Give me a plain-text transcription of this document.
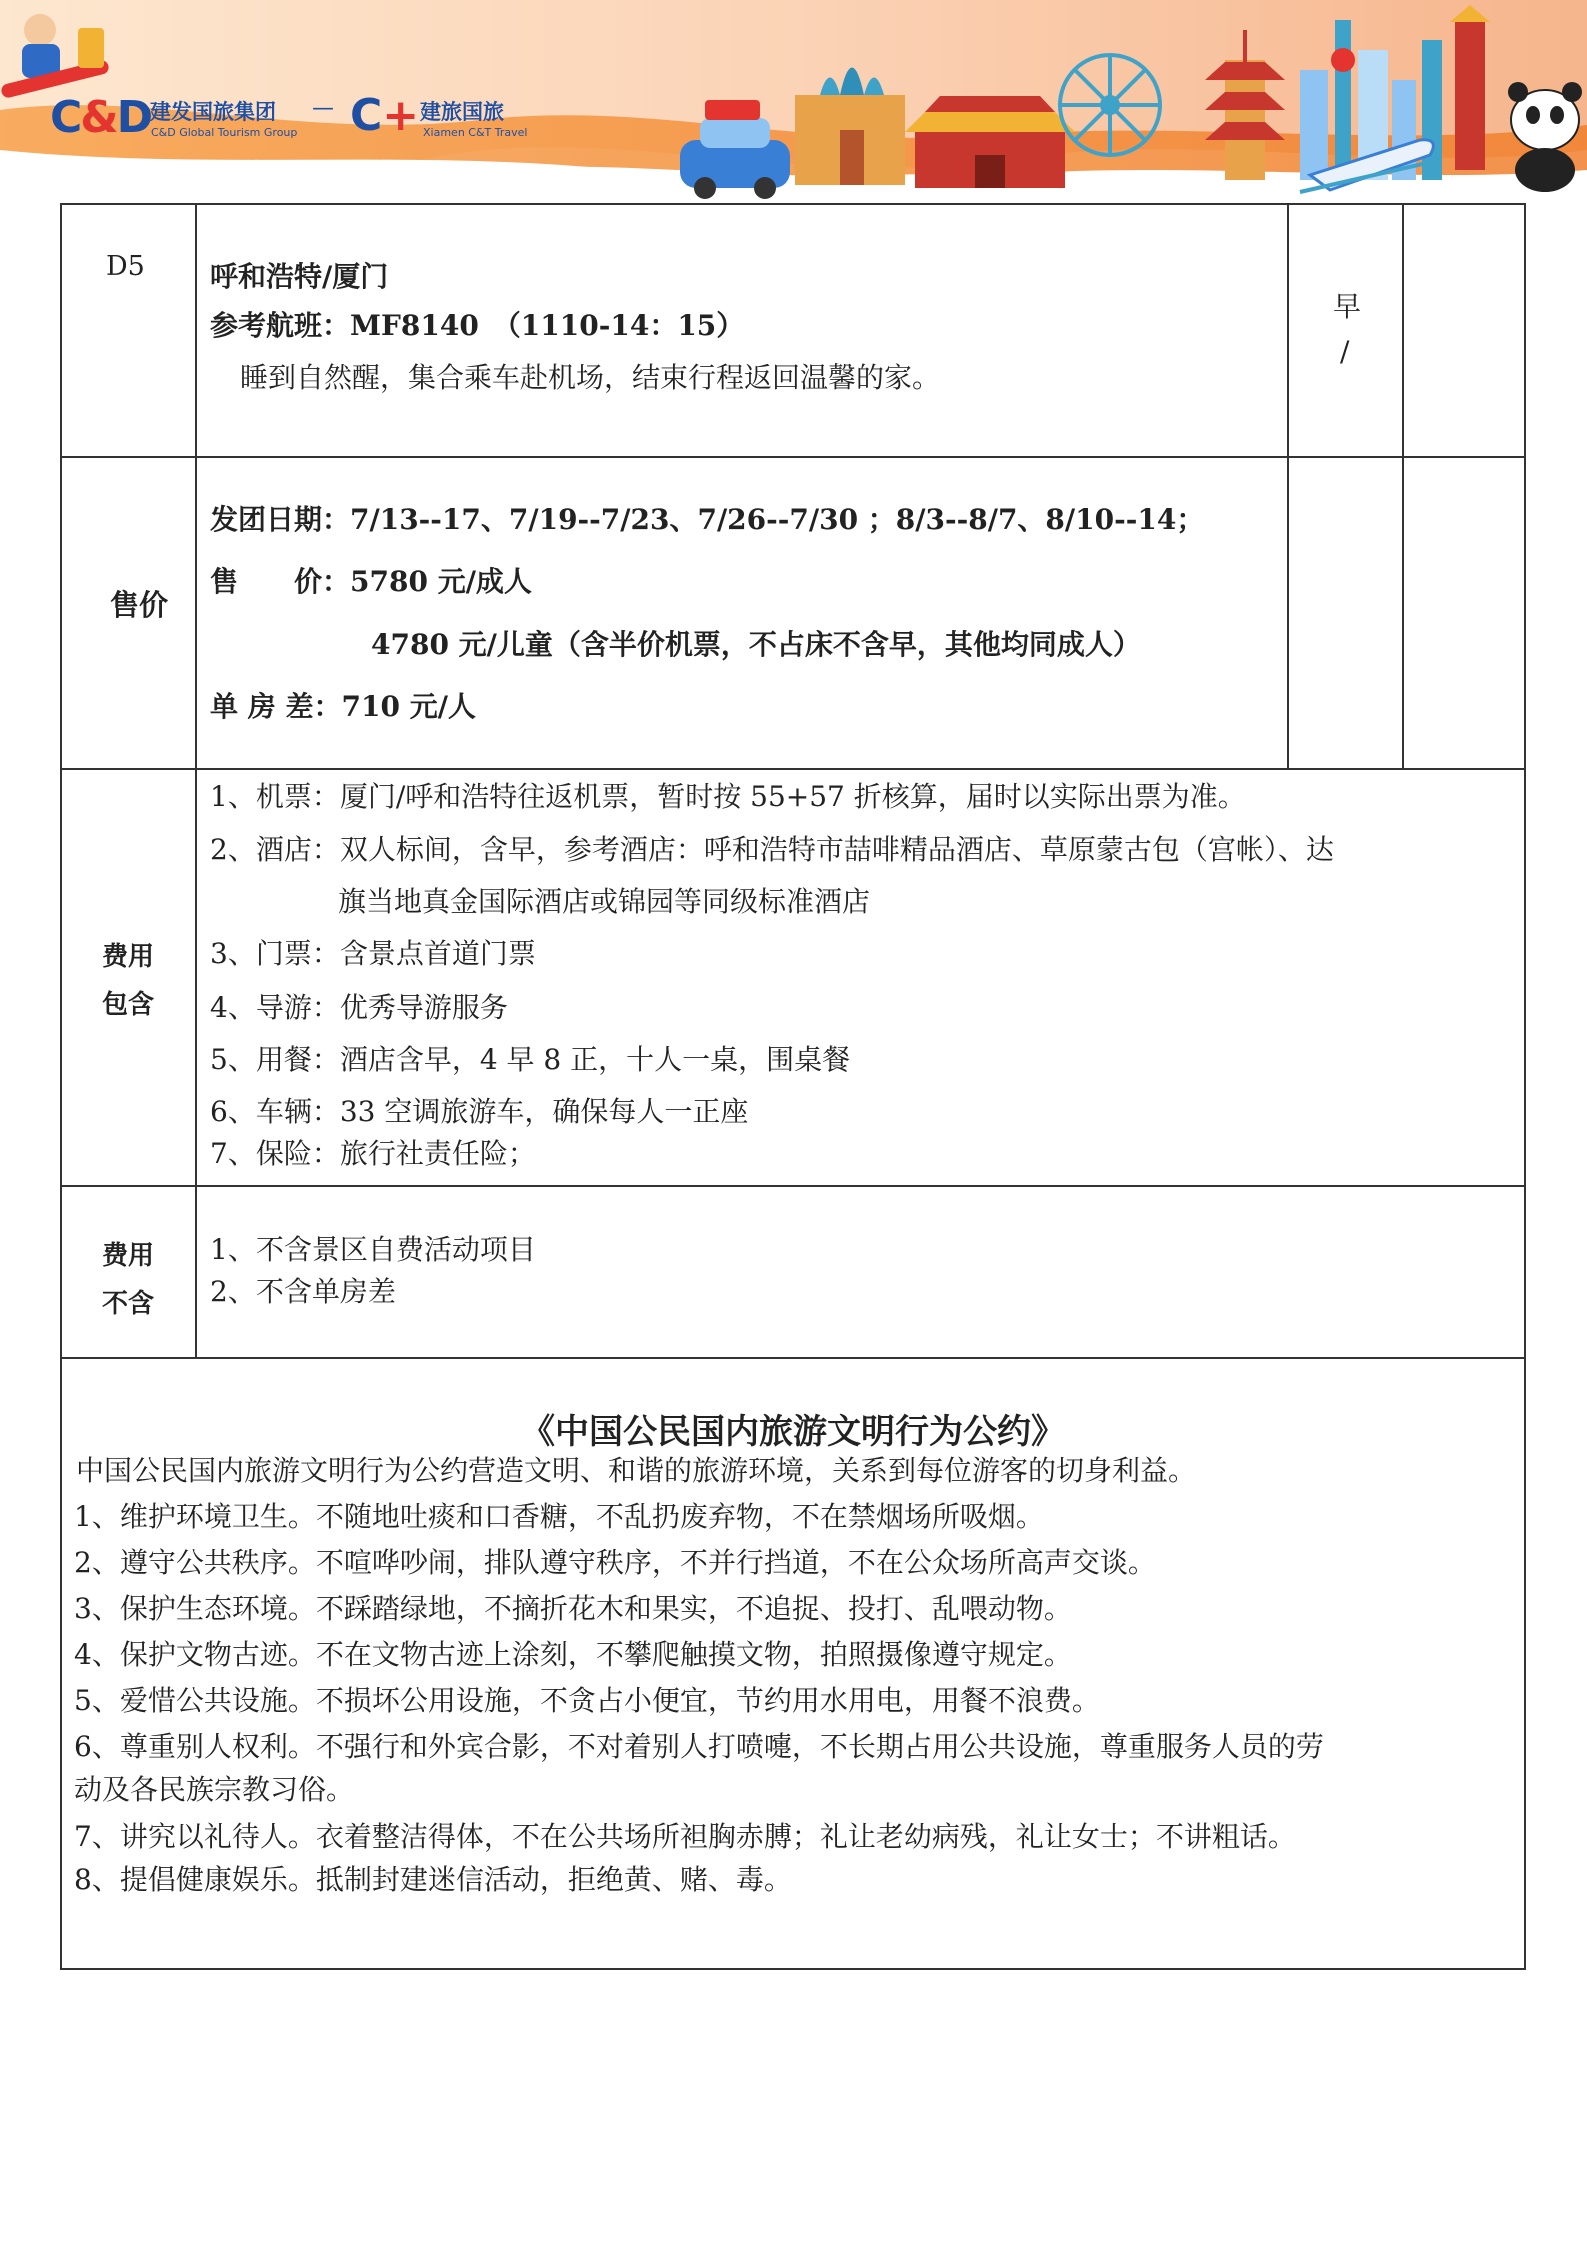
C&D
建发国旅集团
C&D Global Tourism Group
— C+ 建旅国旅
Xiamen C&T Travel
D5 呼和浩特/厦门
参考航班：MF8140　（1110-14：15）
睡到自然醒，集合乘车赴机场，结束行程返回温馨的家。
早
/
售价
发团日期：7/13--17、7/19--7/23、7/26--7/30 ；8/3--8/7、8/10--14；
售　　价：5780 元/成人
4780 元/儿童（含半价机票，不占床不含早，其他均同成人）
单 房 差：710 元/人
费用
包含
1、机票：厦门/呼和浩特往返机票，暂时按 55+57 折核算，届时以实际出票为准。
2、酒店：双人标间，含早，参考酒店：呼和浩特市喆啡精品酒店、草原蒙古包（宫帐）、达
旗当地真金国际酒店或锦园等同级标准酒店
3、门票：含景点首道门票
4、导游：优秀导游服务
5、用餐：酒店含早，4 早 8 正，十人一桌，围桌餐
6、车辆：33 空调旅游车，确保每人一正座
7、保险：旅行社责任险；
费用
不含
1、不含景区自费活动项目
2、不含单房差
《中国公民国内旅游文明行为公约》
中国公民国内旅游文明行为公约营造文明、和谐的旅游环境，关系到每位游客的切身利益。
1、维护环境卫生。不随地吐痰和口香糖，不乱扔废弃物，不在禁烟场所吸烟。
2、遵守公共秩序。不喧哗吵闹，排队遵守秩序，不并行挡道，不在公众场所高声交谈。
3、保护生态环境。不踩踏绿地，不摘折花木和果实，不追捉、投打、乱喂动物。
4、保护文物古迹。不在文物古迹上涂刻，不攀爬触摸文物，拍照摄像遵守规定。
5、爱惜公共设施。不损坏公用设施，不贪占小便宜，节约用水用电，用餐不浪费。
6、尊重别人权利。不强行和外宾合影，不对着别人打喷嚏，不长期占用公共设施，尊重服务人员的劳
动及各民族宗教习俗。
7、讲究以礼待人。衣着整洁得体，不在公共场所袒胸赤膊；礼让老幼病残，礼让女士；不讲粗话。
8、提倡健康娱乐。抵制封建迷信活动，拒绝黄、赌、毒。
